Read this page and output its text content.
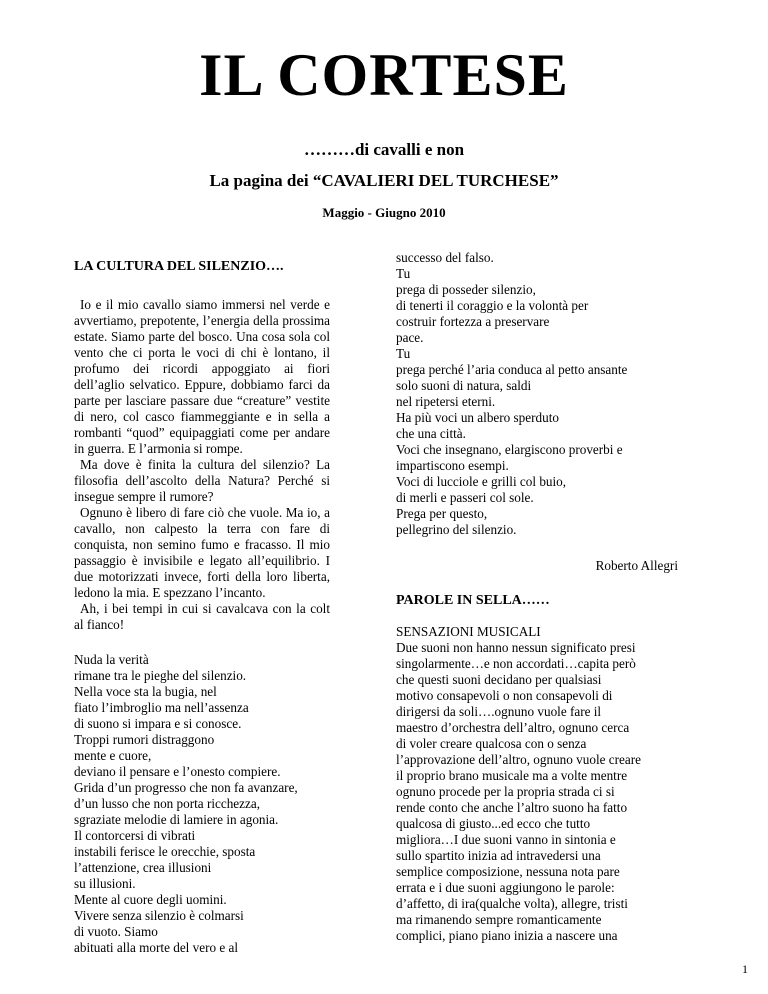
IL CORTESE
………di cavalli e non
La pagina dei “CAVALIERI DEL TURCHESE”
Maggio - Giugno 2010

LA CULTURA DEL SILENZIO….

Io e il mio cavallo siamo immersi nel verde e avvertiamo, prepotente, l’energia della prossima estate. Siamo parte del bosco. Una cosa sola col vento che ci porta le voci di chi è lontano, il profumo dei ricordi appoggiato ai fiori dell’aglio selvatico. Eppure, dobbiamo farci da parte per lasciare passare due “creature” vestite di nero, col casco fiammeggiante e in sella a rombanti “quod” equipaggiati come per andare in guerra. E l’armonia si rompe.

Ma dove è finita la cultura del silenzio? La filosofia dell’ascolto della Natura? Perché si insegue sempre il rumore?

Ognuno è libero di fare ciò che vuole. Ma io, a cavallo, non calpesto la terra con fare di conquista, non semino fumo e fracasso. Il mio passaggio è invisibile e legato all’equilibrio. I due motorizzati invece, forti della loro liberta, ledono la mia. E spezzano l’incanto.

Ah, i bei tempi in cui si cavalcava con la colt al fianco!

Nuda la verità
rimane tra le pieghe del silenzio.
Nella voce sta la bugia, nel
fiato l’imbroglio ma nell’assenza
di suono si impara e si conosce.
Troppi rumori distraggono
mente e cuore,
deviano il pensare e l’onesto compiere.
Grida d’un progresso che non fa avanzare,
d’un lusso che non porta ricchezza,
sgraziate melodie di lamiere in agonia.
Il contorcersi di vibrati
instabili ferisce le orecchie, sposta
l’attenzione, crea illusioni
su illusioni.
Mente al cuore degli uomini.
Vivere senza silenzio è colmarsi
di vuoto. Siamo
abituati alla morte del vero e al
successo del falso.
Tu
prega di posseder silenzio,
di tenerti il coraggio e la volontà per
costruir fortezza a preservare
pace.
Tu
prega perché l’aria conduca al petto ansante
solo suoni di natura, saldi
nel ripetersi eterni.
Ha più voci un albero sperduto
che una città.
Voci che insegnano, elargiscono proverbi e
impartiscono esempi.
Voci di lucciole e grilli col buio,
di merli e passeri col sole.
Prega per questo,
pellegrino del silenzio.
Roberto Allegri

PAROLE IN SELLA……

SENSAZIONI MUSICALI
Due suoni non hanno nessun significato presi
singolarmente…e non accordati…capita però
che questi suoni decidano per qualsiasi
motivo consapevoli o non consapevoli di
dirigersi da soli….ognuno vuole fare il
maestro d’orchestra dell’altro, ognuno cerca
di voler creare qualcosa con o senza
l’approvazione dell’altro, ognuno vuole creare
il proprio brano musicale ma a volte mentre
ognuno procede per la propria strada ci si
rende conto che anche l’altro suono ha fatto
qualcosa di giusto...ed ecco che tutto
migliora…I due suoni vanno in sintonia e
sullo spartito inizia ad intravedersi una
semplice composizione, nessuna nota pare
errata e i due suoni aggiungono le parole:
d’affetto, di ira(qualche volta), allegre, tristi
ma rimanendo sempre romanticamente
complici, piano piano inizia a nascere una
1
